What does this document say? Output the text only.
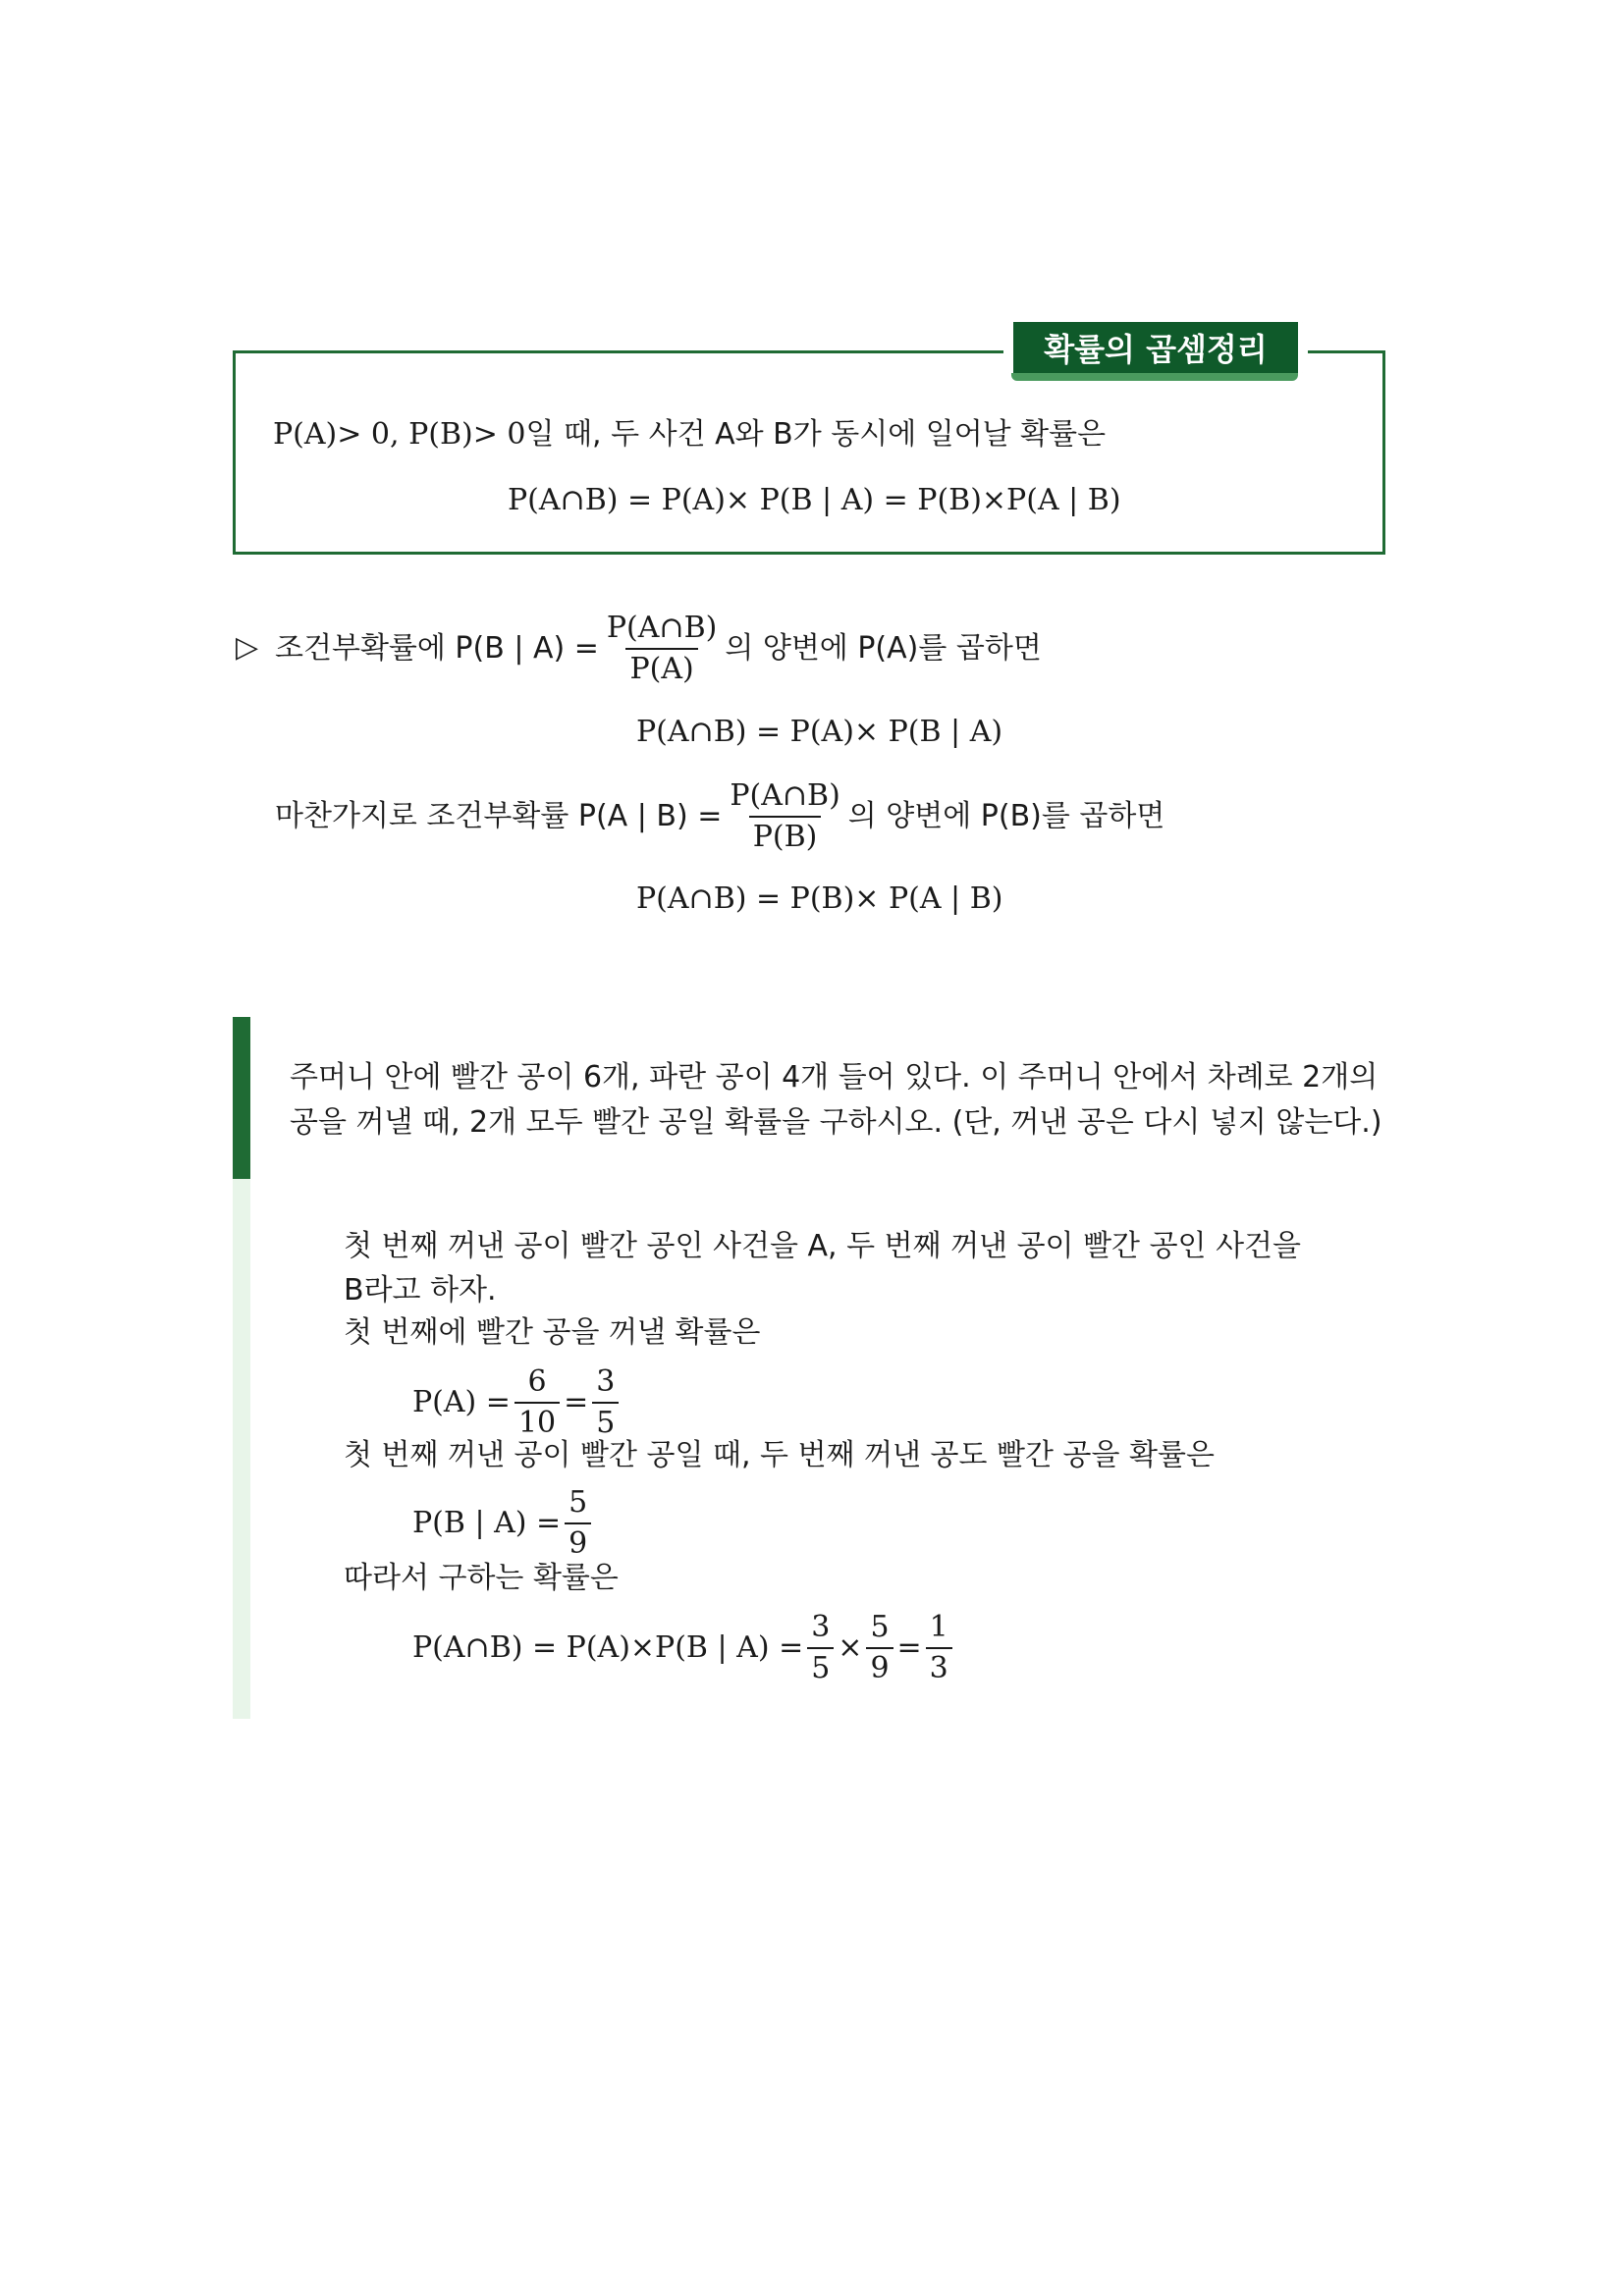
확률의 곱셈정리
P(A)> 0, P(B)> 0일 때, 두 사건 A와 B가 동시에 일어날 확률은
P(A∩B) = P(A)× P(B | A) = P(B)×P(A | B)
▷ 조건부확률에 P(B | $A) = \frac{P(A\cap B)}{P(A)}$ 의 양변에 P(A)를 곱하면
P(A∩B) = P(A)× P(B | A)
마찬가지로 조건부확률 P(A | $B) = \frac{P(A\cap B)}{P(B)}$ 의 양변에 P(B)를 곱하면
P(A∩B) = P(B)× P(A | B)
주머니 안에 빨간 공이 6개, 파란 공이 4개 들어 있다. 이 주머니 안에서 차례로 2개의
공을 꺼낼 때, 2개 모두 빨간 공일 확률을 구하시오. (단, 꺼낸 공은 다시 넣지 않는다.)
첫 번째 꺼낸 공이 빨간 공인 사건을 A, 두 번째 꺼낸 공이 빨간 공인 사건을
B라고 하자.
첫 번째에 빨간 공을 꺼낼 확률은
$P(A) = \frac{6}{10} = \frac{3}{5}$
첫 번째 꺼낸 공이 빨간 공일 때, 두 번째 꺼낸 공도 빨간 공을 확률은
P(B | $A) = \frac{5}{9}$
따라서 구하는 확률은
P(A∩B) = P(A)×P(B | $A) = \frac{3}{5} \times \frac{5}{9} = \frac{1}{3}$
